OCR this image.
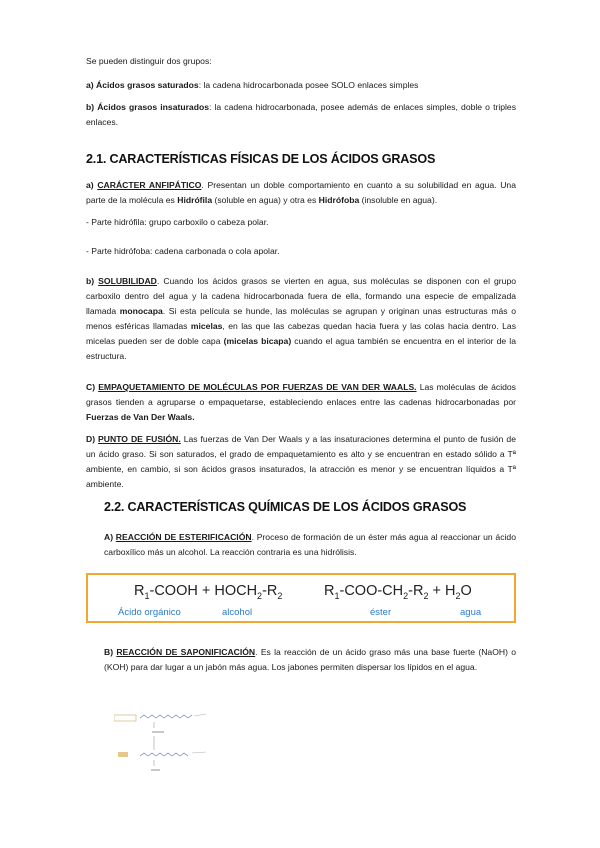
Se pueden distinguir dos grupos:

a) Ácidos grasos saturados: la cadena hidrocarbonada posee SOLO enlaces simples

b) Ácidos grasos insaturados: la cadena hidrocarbonada, posee además de enlaces simples, doble o triples enlaces.

2.1. CARACTERÍSTICAS FÍSICAS DE LOS ÁCIDOS GRASOS

a) CARÁCTER ANFIPÁTICO. Presentan un doble comportamiento en cuanto a su solubilidad en agua. Una parte de la molécula es Hidrófila (soluble en agua) y otra es Hidrófoba (insoluble en agua).

- Parte hidrófila: grupo carboxilo o cabeza polar.

- Parte hidrófoba: cadena carbonada o cola apolar.

b) SOLUBILIDAD. Cuando los ácidos grasos se vierten en agua, sus moléculas se disponen con el grupo carboxilo dentro del agua y la cadena hidrocarbonada fuera de ella, formando una especie de empalizada llamada monocapa. Si esta película se hunde, las moléculas se agrupan y originan unas estructuras más o menos esféricas llamadas micelas, en las que las cabezas quedan hacia fuera y las colas hacia dentro. Las micelas pueden ser de doble capa (micelas bicapa) cuando el agua también se encuentra en el interior de la estructura.

C) EMPAQUETAMIENTO DE MOLÉCULAS POR FUERZAS DE VAN DER WAALS. Las moléculas de ácidos grasos tienden a agruparse o empaquetarse, estableciendo enlaces entre las cadenas hidrocarbonadas por Fuerzas de Van Der Waals.

D) PUNTO DE FUSIÓN. Las fuerzas de Van Der Waals y a las insaturaciones determina el punto de fusión de un ácido graso. Si son saturados, el grado de empaquetamiento es alto y se encuentran en estado sólido a Tª ambiente, en cambio, si son ácidos grasos insaturados, la atracción es menor y se encuentran líquidos a Tª ambiente.

2.2. CARACTERÍSTICAS QUÍMICAS DE LOS ÁCIDOS GRASOS

A) REACCIÓN DE ESTERIFICACIÓN. Proceso de formación de un éster más agua al reaccionar un ácido carboxílico más un alcohol. La reacción contraria es una hidrólisis.

$R_1$-COOH + $HOCH_2-R_2$	$R_1-COO-CH_2-R_2 + H_2O$
Ácido orgánico	alcohol	éster	agua

B) REACCIÓN DE SAPONIFICACIÓN. Es la reacción de un ácido graso más una base fuerte (NaOH) o (KOH) para dar lugar a un jabón más agua. Los jabones permiten dispersar los lípidos en el agua.
